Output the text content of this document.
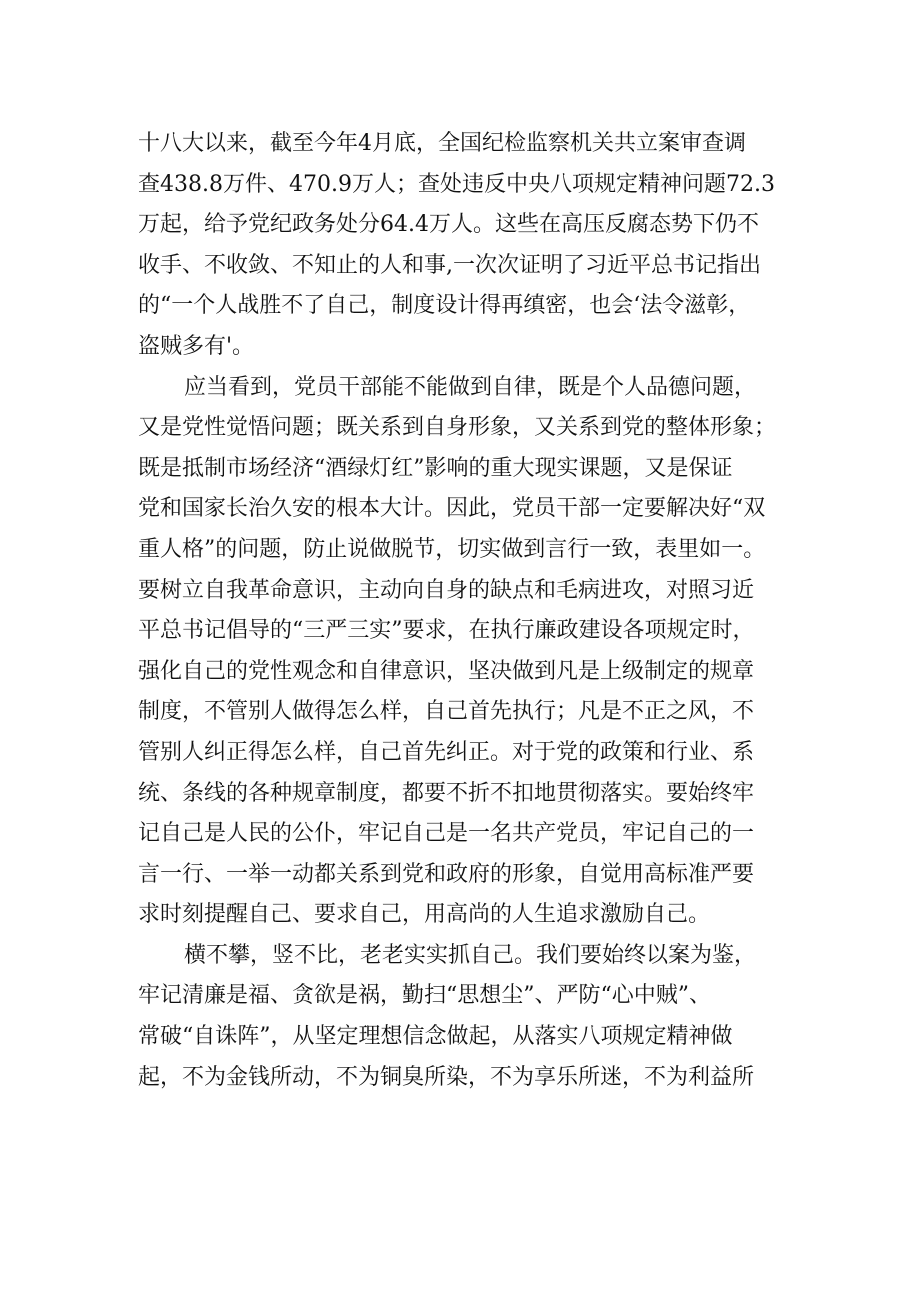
十八大以来，截至今年4月底，全国纪检监察机关共立案审查调
查438.8万件、470.9万人；查处违反中央八项规定精神问题72.3
万起，给予党纪政务处分64.4万人。这些在高压反腐态势下仍不
收手、不收敛、不知止的人和事,一次次证明了习近平总书记指出
的“一个人战胜不了自己，制度设计得再缜密，也会‘法令滋彰，
盗贼多有'。
应当看到，党员干部能不能做到自律，既是个人品德问题，
又是党性觉悟问题；既关系到自身形象，又关系到党的整体形象；
既是抵制市场经济“酒绿灯红”影响的重大现实课题，又是保证
党和国家长治久安的根本大计。因此，党员干部一定要解决好“双
重人格”的问题，防止说做脱节，切实做到言行一致，表里如一。
要树立自我革命意识，主动向自身的缺点和毛病进攻，对照习近
平总书记倡导的“三严三实”要求，在执行廉政建设各项规定时，
强化自己的党性观念和自律意识，坚决做到凡是上级制定的规章
制度，不管别人做得怎么样，自己首先执行；凡是不正之风，不
管别人纠正得怎么样，自己首先纠正。对于党的政策和行业、系
统、条线的各种规章制度，都要不折不扣地贯彻落实。要始终牢
记自己是人民的公仆，牢记自己是一名共产党员，牢记自己的一
言一行、一举一动都关系到党和政府的形象，自觉用高标准严要
求时刻提醒自己、要求自己，用高尚的人生追求激励自己。
横不攀，竖不比，老老实实抓自己。我们要始终以案为鉴，
牢记清廉是福、贪欲是祸，勤扫“思想尘”、严防“心中贼”、
常破“自诛阵”，从坚定理想信念做起，从落实八项规定精神做
起，不为金钱所动，不为铜臭所染，不为享乐所迷，不为利益所
